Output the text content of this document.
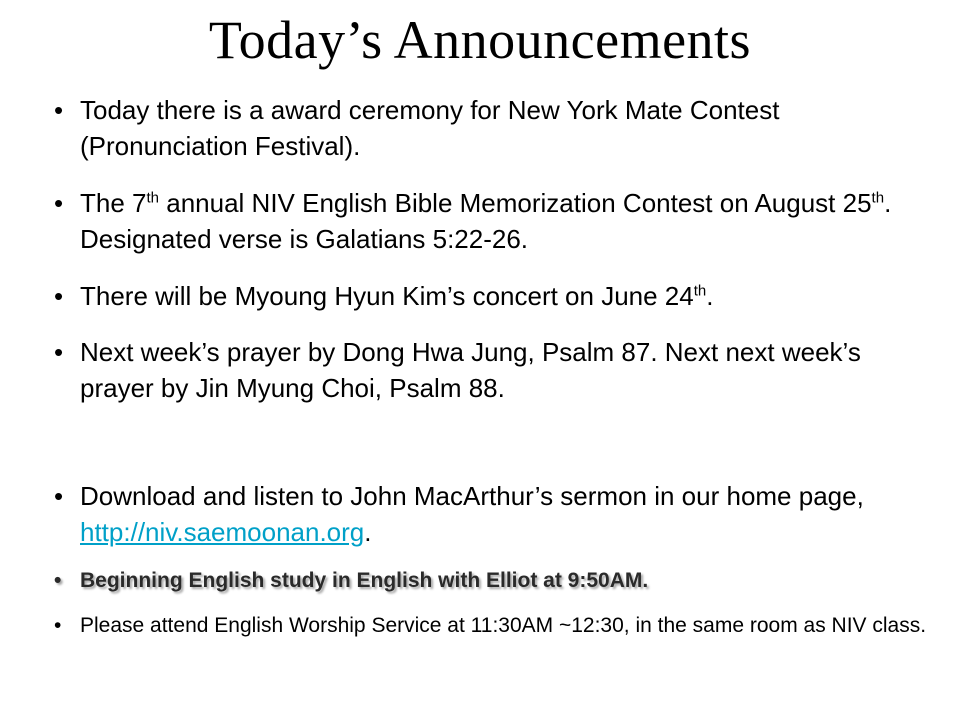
Today’s Announcements

• Today there is a award ceremony for New York Mate Contest (Pronunciation Festival).

• The 7th annual NIV English Bible Memorization Contest on August 25th. Designated verse is Galatians 5:22-26.

• There will be Myoung Hyun Kim’s concert on June 24th.

• Next week’s prayer by Dong Hwa Jung, Psalm 87. Next next week’s prayer by Jin Myung Choi, Psalm 88.

• Download and listen to John MacArthur’s sermon in our home page, http://niv.saemoonan.org.

• Beginning English study in English with Elliot at 9:50AM.

• Please attend English Worship Service at 11:30AM ~12:30, in the same room as NIV class.
